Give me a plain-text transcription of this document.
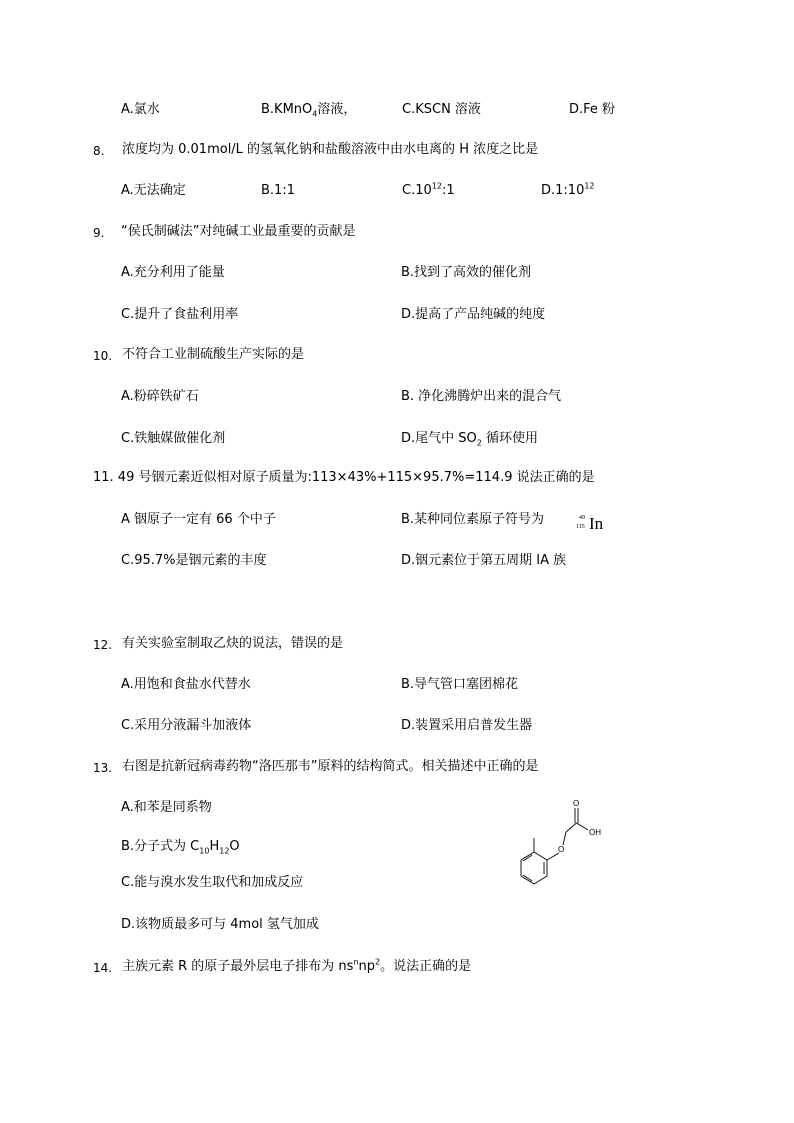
A.氯水	B.KMnO$_4$溶液，	C.KSCN 溶液	D.Fe 粉
8. 浓度均为 0.01mol/L 的氢氧化钠和盐酸溶液中由水电离的 H 浓度之比是
A.无法确定	B.1:1	$C.10^{12}:1$	$D.1:10^{12}$
9. “侯氏制碱法”对纯碱工业最重要的贡献是
A.充分利用了能量	B.找到了高效的催化剂
C.提升了食盐利用率	D.提高了产品纯碱的纯度
10. 不符合工业制硫酸生产实际的是
A.粉碎铁矿石	B. 净化沸腾炉出来的混合气
C.铁触媒做催化剂	D.尾气中 $SO_2$ 循环使用
11. 49 号铟元素近似相对原子质量为:113×43%+115×95.7%=114.9 说法正确的是
A 铟原子一定有 66 个中子	B.某种同位素原子符号为	49
115 In
C.95.7%是铟元素的丰度	D.铟元素位于第五周期 IA 族
12. 有关实验室制取乙炔的说法，错误的是
A.用饱和食盐水代替水	B.导气管口塞团棉花
C.采用分液漏斗加液体	D.装置采用启普发生器
13. 右图是抗新冠病毒药物“洛匹那韦”原料的结构简式。相关描述中正确的是
A.和苯是同系物
B.分子式为 $C_{10}H_{12}O$
C.能与溴水发生取代和加成反应
D.该物质最多可与 4mol 氢气加成
O
OH
O
14. 主族元素 R 的原子最外层电子排布为 $ns^nnp^2$。说法正确的是
